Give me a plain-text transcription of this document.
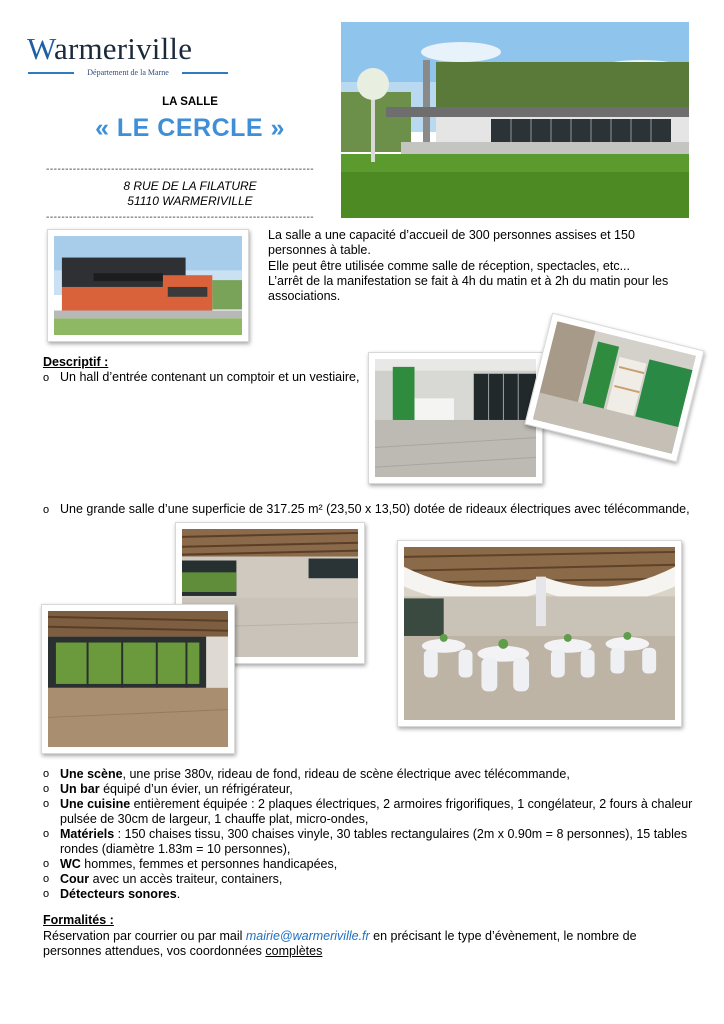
Warmeriville
Département de la Marne
LA SALLE
« LE CERCLE »
----------------------------------------------------------------------
8 RUE DE LA FILATURE
51110 WARMERIVILLE
----------------------------------------------------------------------

La salle a une capacité d’accueil de 300 personnes assises et 150 personnes à table.

Elle peut être utilisée comme salle de réception, spectacles, etc...

L’arrêt de la manifestation se fait à 4h du matin et à 2h du matin pour les associations.

Descriptif :
o Un hall d’entrée contenant un comptoir et un vestiaire,
o Une grande salle d’une superficie de 317.25 m² (23,50 x 13,50) dotée de rideaux électriques avec télécommande,
o Une scène, une prise 380v, rideau de fond, rideau de scène électrique avec télécommande,
o Un bar équipé d’un évier, un réfrigérateur,
o Une cuisine entièrement équipée : 2 plaques électriques, 2 armoires frigorifiques, 1 congélateur, 2 fours à chaleur pulsée de 30cm de largeur, 1 chauffe plat, micro-ondes,
o Matériels : 150 chaises tissu, 300 chaises vinyle, 30 tables rectangulaires (2m x 0.90m = 8 personnes), 15 tables rondes (diamètre 1.83m = 10 personnes),
o WC hommes, femmes et personnes handicapées,
o Cour avec un accès traiteur, containers,
o Détecteurs sonores.
Formalités :
Réservation par courrier ou par mail mairie@warmeriville.fr en précisant le type d’évènement, le nombre de personnes attendues, vos coordonnées complètes
